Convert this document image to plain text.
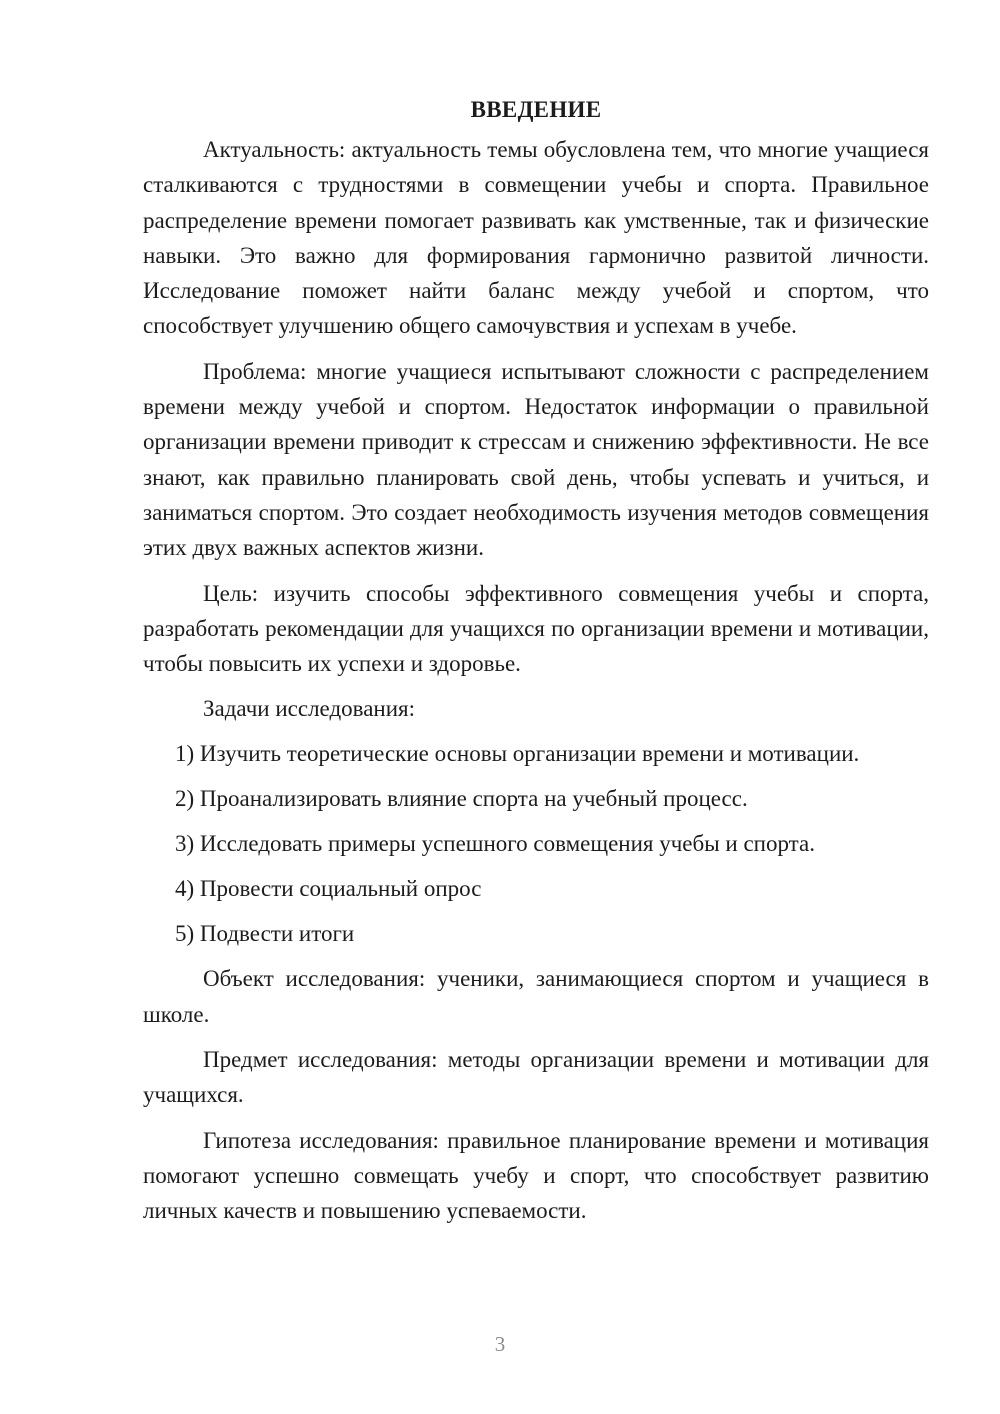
ВВЕДЕНИЕ

Актуальность: актуальность темы обусловлена тем, что многие учащиеся сталкиваются с трудностями в совмещении учебы и спорта. Правильное распределение времени помогает развивать как умственные, так и физические навыки. Это важно для формирования гармонично развитой личности. Исследование поможет найти баланс между учебой и спортом, что способствует улучшению общего самочувствия и успехам в учебе.

Проблема: многие учащиеся испытывают сложности с распределением времени между учебой и спортом. Недостаток информации о правильной организации времени приводит к стрессам и снижению эффективности. Не все знают, как правильно планировать свой день, чтобы успевать и учиться, и заниматься спортом. Это создает необходимость изучения методов совмещения этих двух важных аспектов жизни.

Цель: изучить способы эффективного совмещения учебы и спорта, разработать рекомендации для учащихся по организации времени и мотивации, чтобы повысить их успехи и здоровье.

Задачи исследования:

1) Изучить теоретические основы организации времени и мотивации.
2) Проанализировать влияние спорта на учебный процесс.
3) Исследовать примеры успешного совмещения учебы и спорта.
4) Провести социальный опрос
5) Подвести итоги

Объект исследования: ученики, занимающиеся спортом и учащиеся в школе.

Предмет исследования: методы организации времени и мотивации для учащихся.

Гипотеза исследования: правильное планирование времени и мотивация помогают успешно совмещать учебу и спорт, что способствует развитию личных качеств и повышению успеваемости.

3
